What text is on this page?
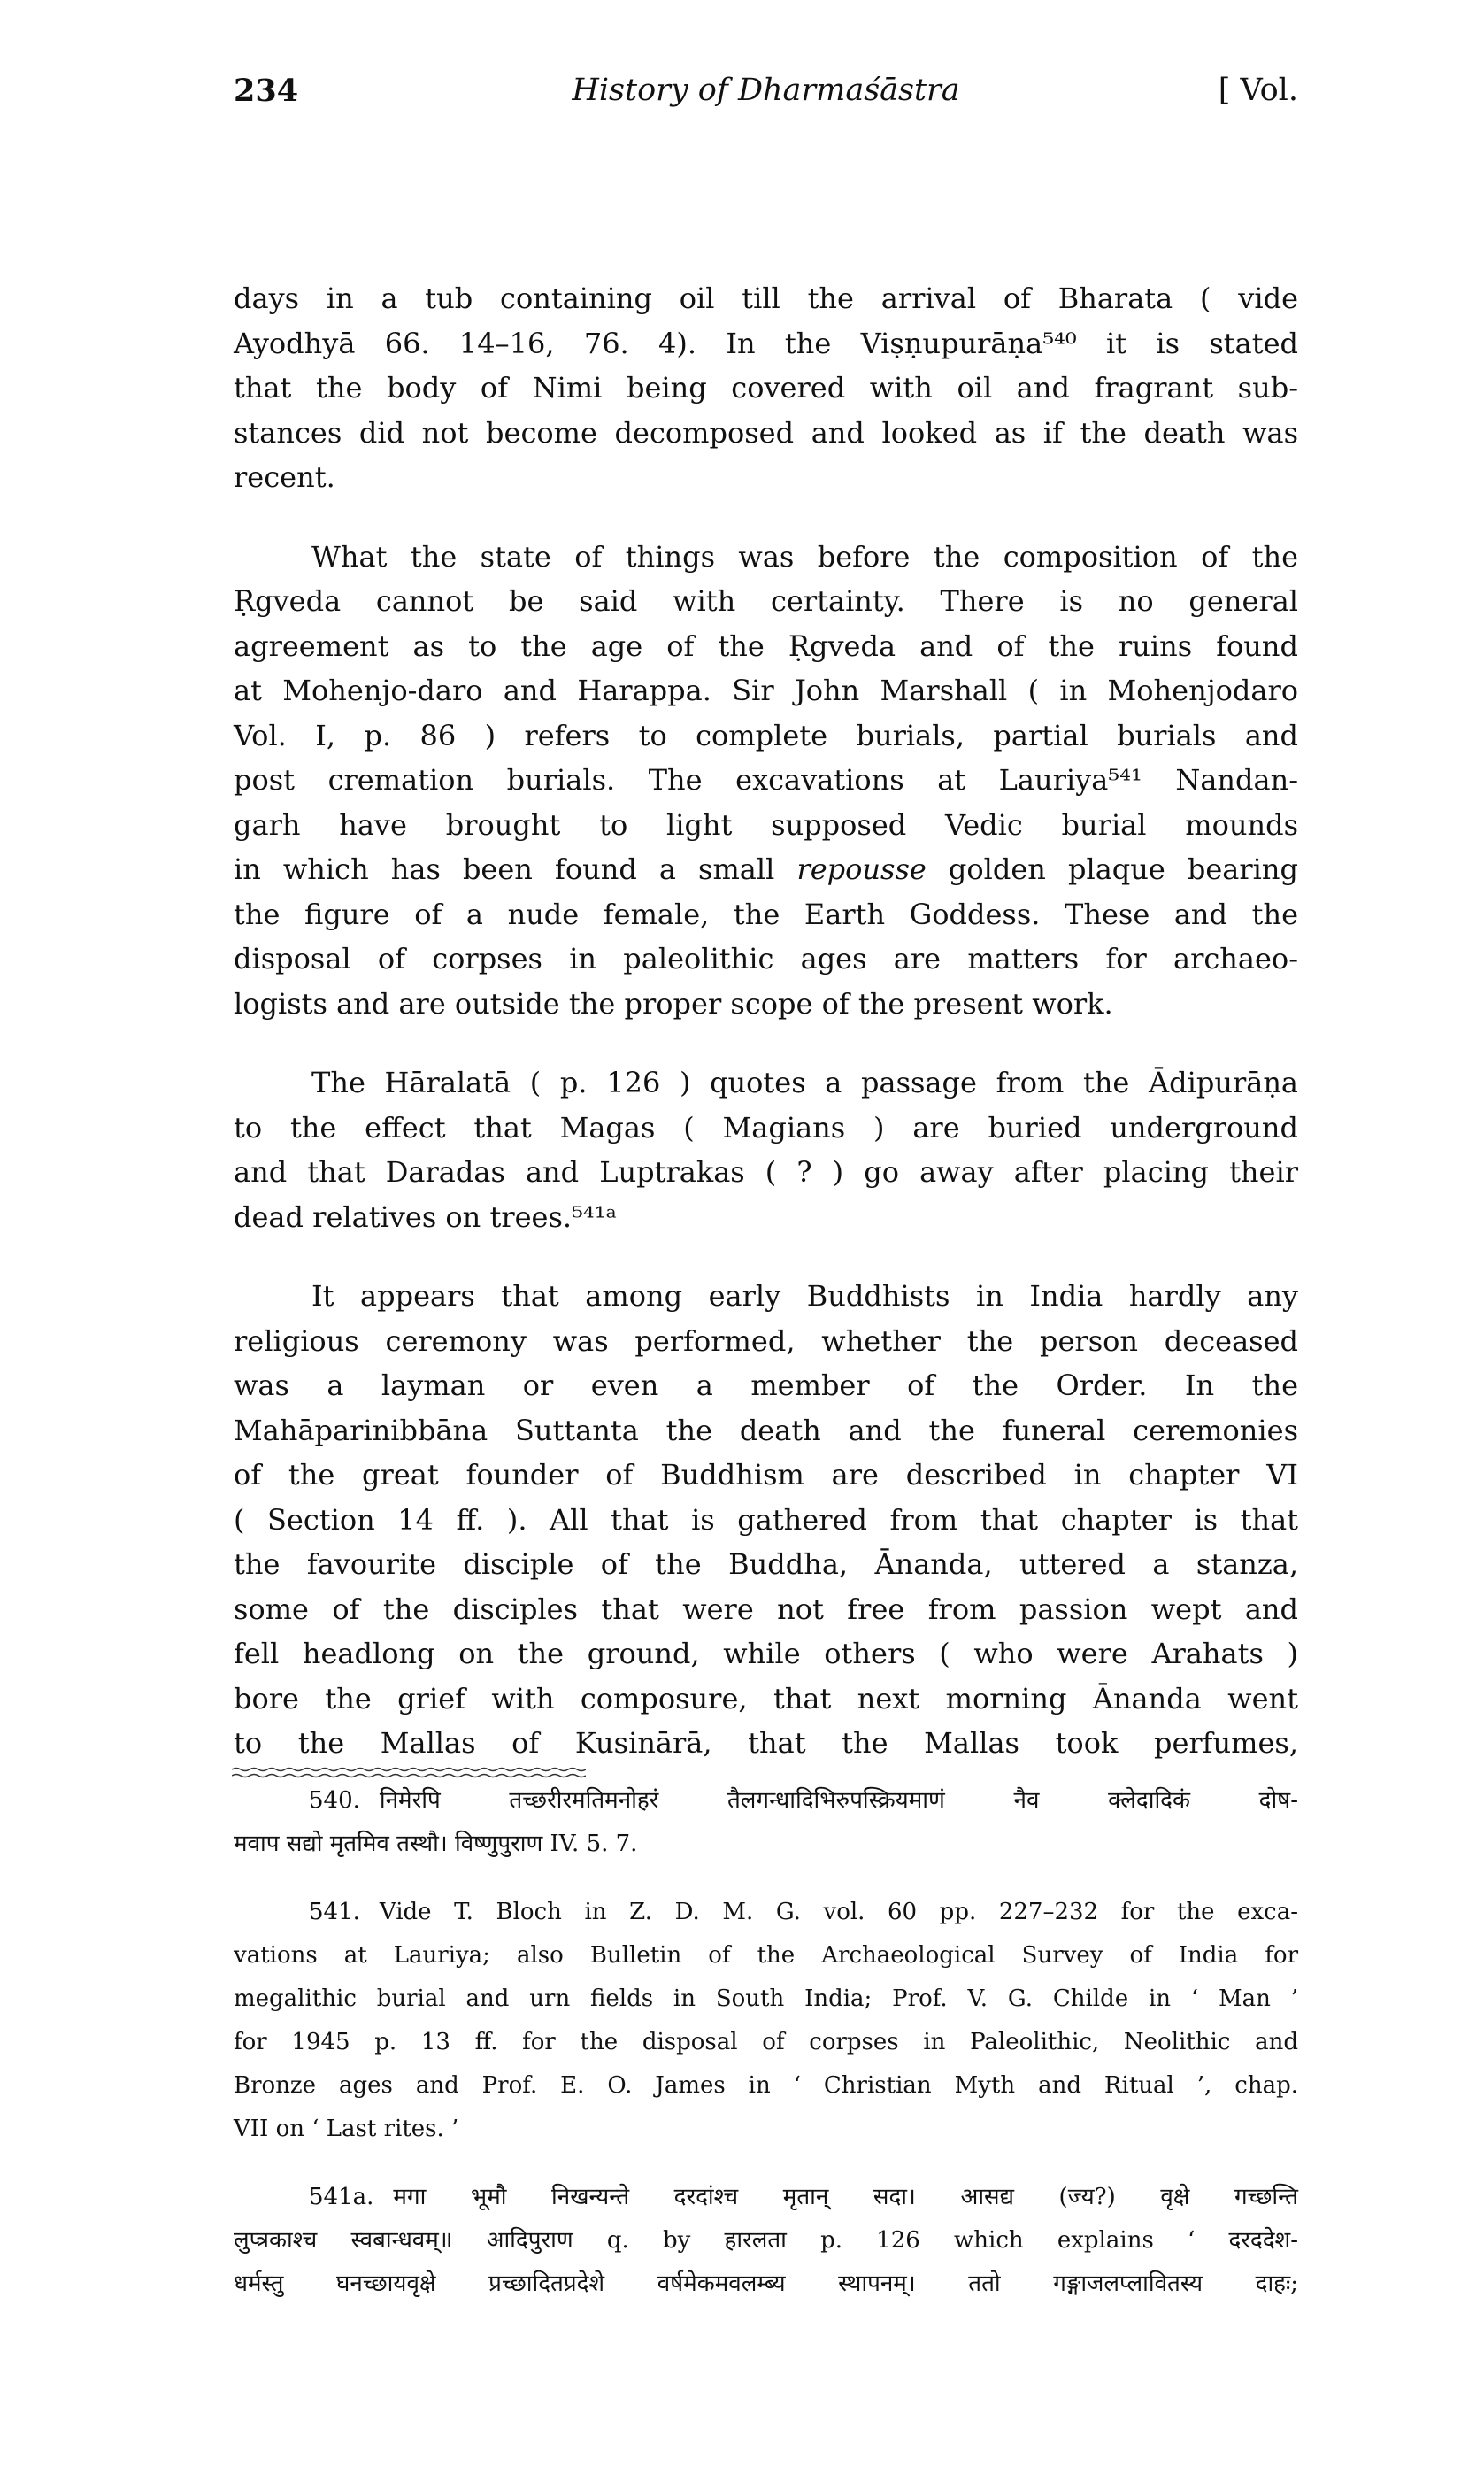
234	History of Dharmaśāstra	[ Vol.

days in a tub containing oil till the arrival of Bharata ( vide
Ayodhyā 66. 14–16, 76. 4). In the Viṣṇupurāṇa⁵⁴⁰ it is stated
that the body of Nimi being covered with oil and fragrant sub-
stances did not become decomposed and looked as if the death was
recent.

What the state of things was before the composition of the
Ṛgveda cannot be said with certainty. There is no general
agreement as to the age of the Ṛgveda and of the ruins found
at Mohenjo-daro and Harappa. Sir John Marshall ( in Mohenjodaro
Vol. I, p. 86 ) refers to complete burials, partial burials and
post cremation burials. The excavations at Lauriya⁵⁴¹ Nandan-
garh have brought to light supposed Vedic burial mounds
in which has been found a small repousse golden plaque bearing
the figure of a nude female, the Earth Goddess. These and the
disposal of corpses in paleolithic ages are matters for archaeo-
logists and are outside the proper scope of the present work.

The Hāralatā ( p. 126 ) quotes a passage from the Ādipurāṇa
to the effect that Magas ( Magians ) are buried underground
and that Daradas and Luptrakas ( ? ) go away after placing their
dead relatives on trees.⁵⁴¹ᵃ

It appears that among early Buddhists in India hardly any
religious ceremony was performed, whether the person deceased
was a layman or even a member of the Order. In the
Mahāparinibbāna Suttanta the death and the funeral ceremonies
of the great founder of Buddhism are described in chapter VI
( Section 14 ff. ). All that is gathered from that chapter is that
the favourite disciple of the Buddha, Ānanda, uttered a stanza,
some of the disciples that were not free from passion wept and
fell headlong on the ground, while others ( who were Arahats )
bore the grief with composure, that next morning Ānanda went
to the Mallas of Kusinārā, that the Mallas took perfumes,

540. निमेरपि तच्छरीरमतिमनोहरं तैलगन्धादिभिरुपस्क्रियमाणं नैव क्लेदादिकं दोष-
मवाप सद्यो मृतमिव तस्थौ। विष्णुपुराण IV. 5. 7.
541. Vide T. Bloch in Z. D. M. G. vol. 60 pp. 227–232 for the exca-
vations at Lauriya; also Bulletin of the Archaeological Survey of India for
megalithic burial and urn fields in South India; Prof. V. G. Childe in ‘ Man ’
for 1945 p. 13 ff. for the disposal of corpses in Paleolithic, Neolithic and
Bronze ages and Prof. E. O. James in ‘ Christian Myth and Ritual ’, chap.
VII on ‘ Last rites. ’
541a. मगा भूमौ निखन्यन्ते दरदांश्च मृतान् सदा। आसद्य (ज्य?) वृक्षे गच्छन्ति
लुप्त्रकाश्च स्वबान्धवम्॥ आदिपुराण q. by हारलता p. 126 which explains ‘ दरददेश-
धर्मस्तु घनच्छायवृक्षे प्रच्छादितप्रदेशे वर्षमेकमवलम्ब्य स्थापनम्। ततो गङ्गाजलप्लावितस्य दाहः;
